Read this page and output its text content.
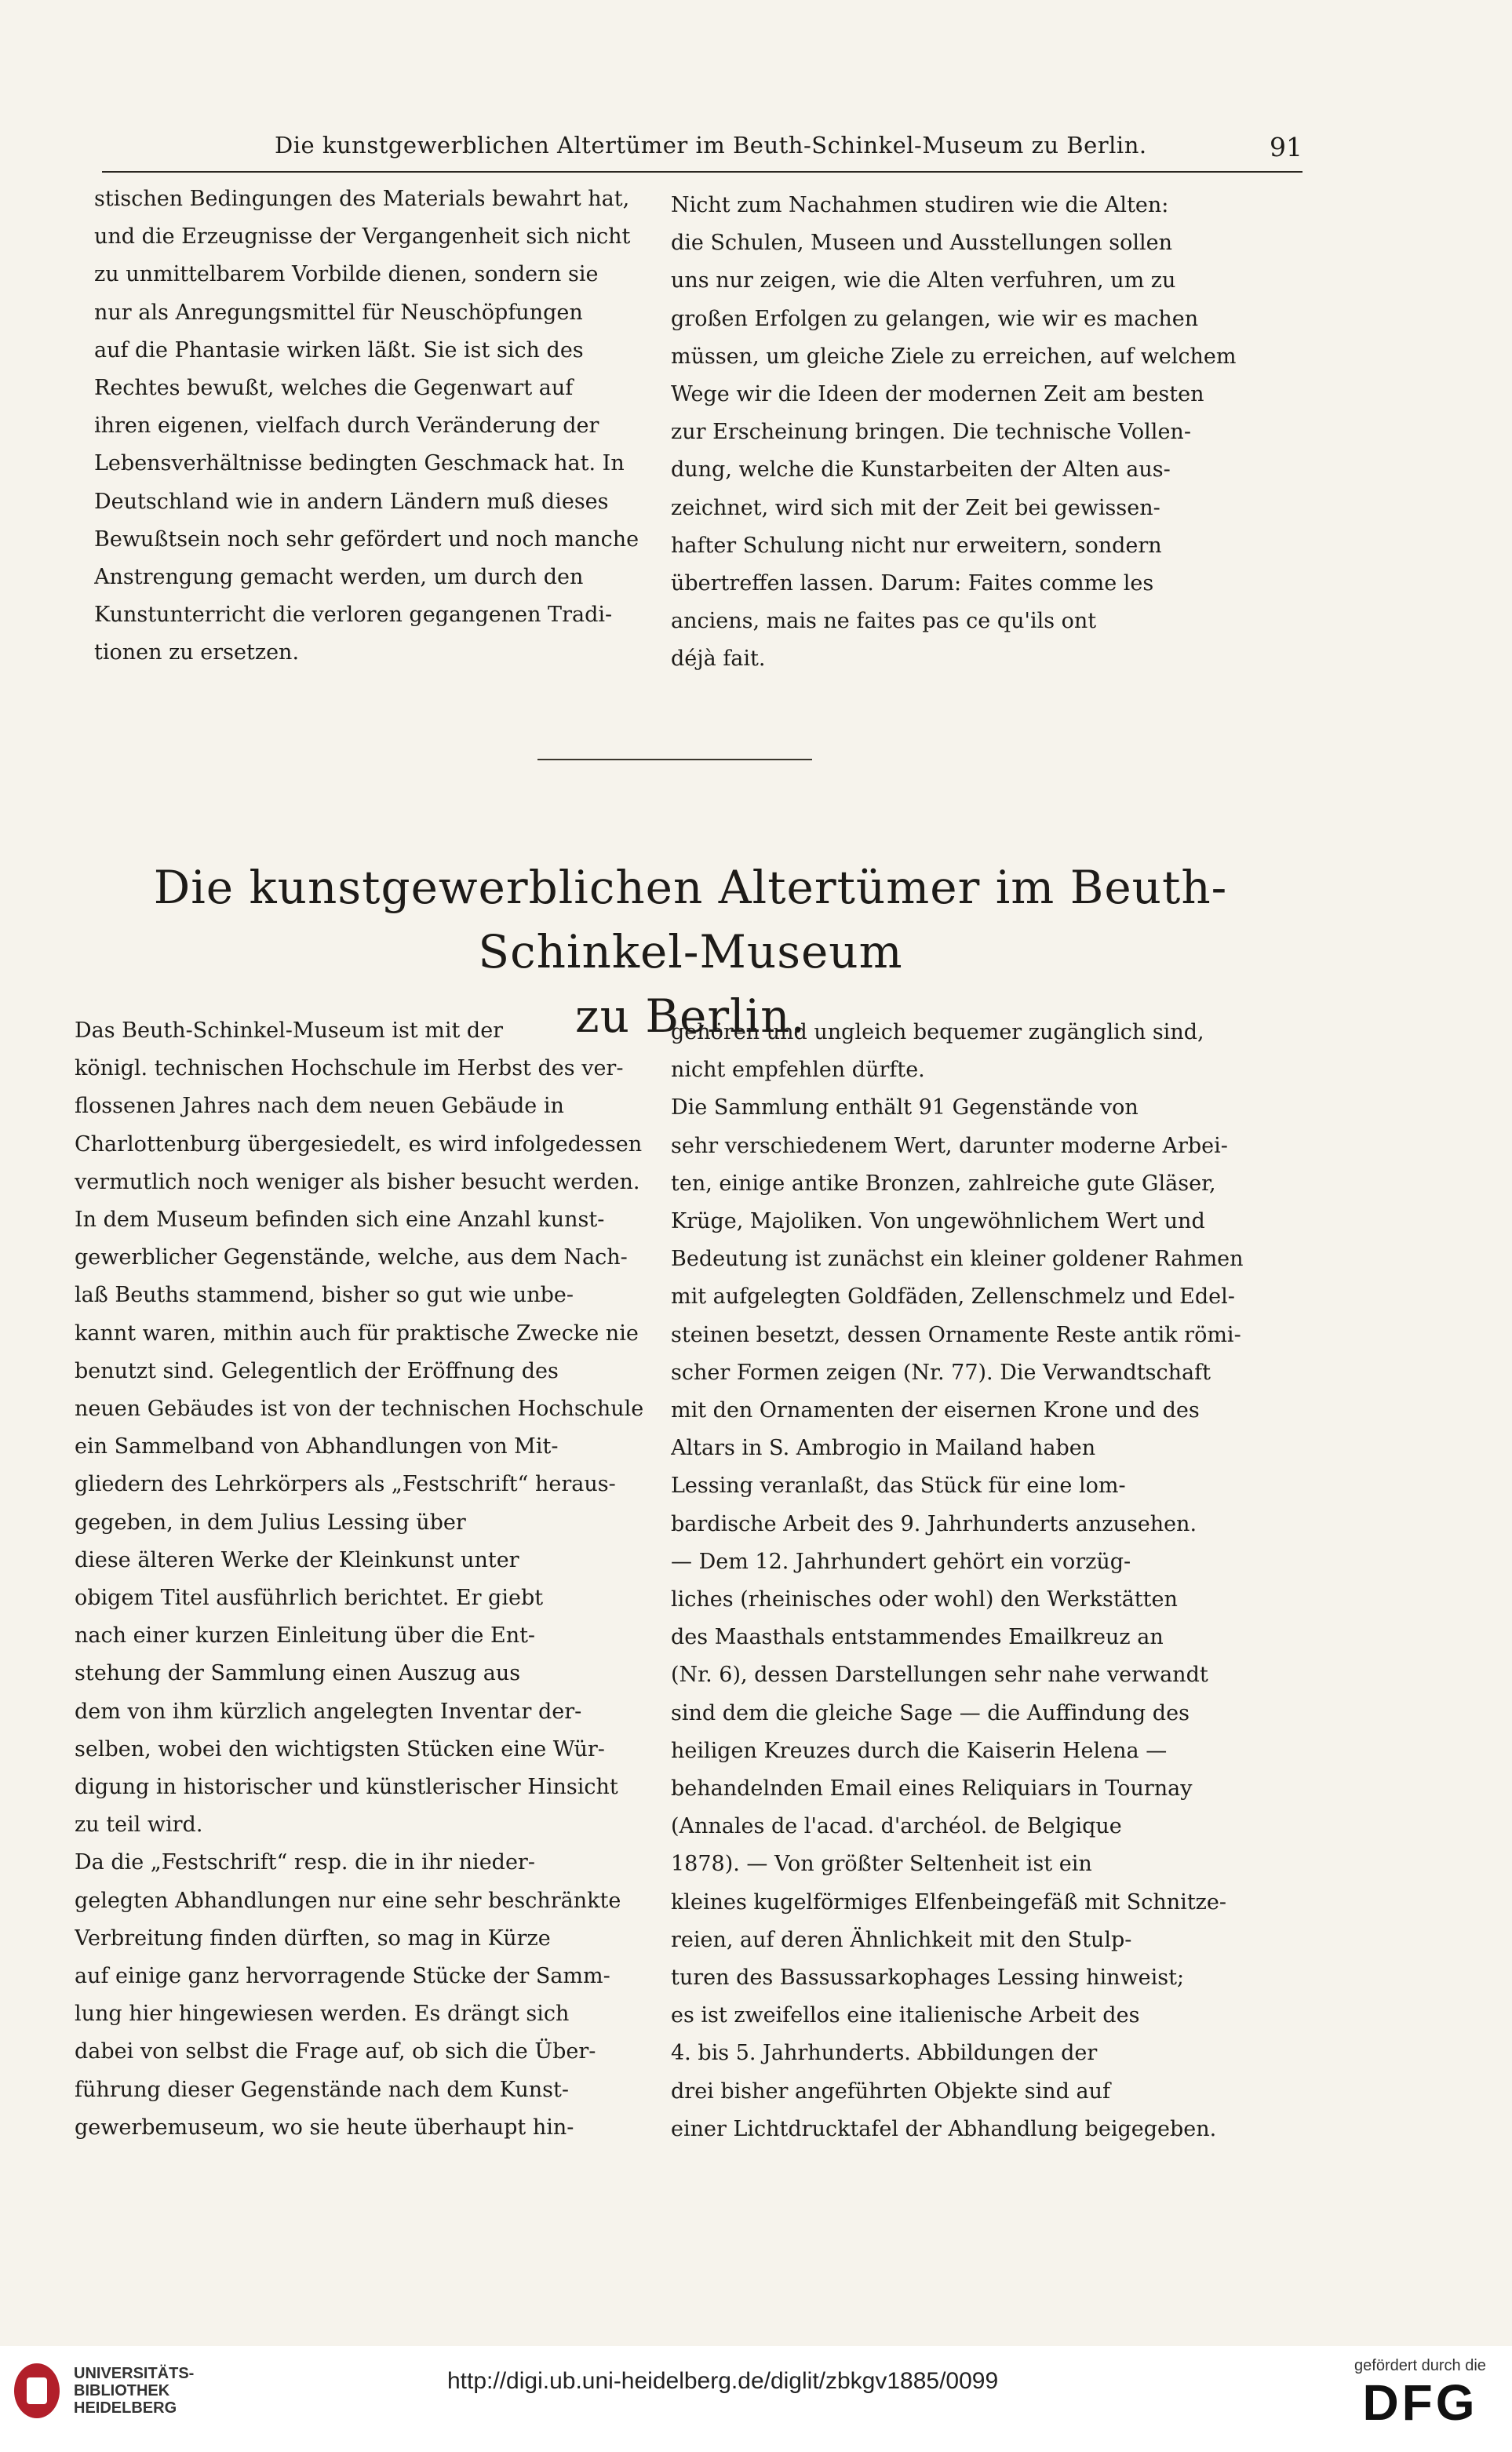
Die kunstgewerblichen Altertümer im Beuth-Schinkel-Museum zu Berlin.	91
stischen Bedingungen des Materials bewahrt hat,
und die Erzeugnisse der Vergangenheit sich nicht
zu unmittelbarem Vorbilde dienen, sondern sie
nur als Anregungsmittel für Neuschöpfungen
auf die Phantasie wirken läßt. Sie ist sich des
Rechtes bewußt, welches die Gegenwart auf
ihren eigenen, vielfach durch Veränderung der
Lebensverhältnisse bedingten Geschmack hat. In
Deutschland wie in andern Ländern muß dieses
Bewußtsein noch sehr gefördert und noch manche
Anstrengung gemacht werden, um durch den
Kunstunterricht die verloren gegangenen Tradi-
tionen zu ersetzen.
Nicht zum Nachahmen studiren wie die Alten:
die Schulen, Museen und Ausstellungen sollen
uns nur zeigen, wie die Alten verfuhren, um zu
großen Erfolgen zu gelangen, wie wir es machen
müssen, um gleiche Ziele zu erreichen, auf welchem
Wege wir die Ideen der modernen Zeit am besten
zur Erscheinung bringen. Die technische Vollen-
dung, welche die Kunstarbeiten der Alten aus-
zeichnet, wird sich mit der Zeit bei gewissen-
hafter Schulung nicht nur erweitern, sondern
übertreffen lassen. Darum: Faites comme les
anciens, mais ne faites pas ce qu'ils ont
déjà fait.
Die kunstgewerblichen Altertümer im Beuth-Schinkel-Museum
zu Berlin.
Das Beuth-Schinkel-Museum ist mit der
königl. technischen Hochschule im Herbst des ver-
flossenen Jahres nach dem neuen Gebäude in
Charlottenburg übergesiedelt, es wird infolgedessen
vermutlich noch weniger als bisher besucht werden.
In dem Museum befinden sich eine Anzahl kunst-
gewerblicher Gegenstände, welche, aus dem Nach-
laß Beuths stammend, bisher so gut wie unbe-
kannt waren, mithin auch für praktische Zwecke nie
benutzt sind. Gelegentlich der Eröffnung des
neuen Gebäudes ist von der technischen Hochschule
ein Sammelband von Abhandlungen von Mit-
gliedern des Lehrkörpers als „Festschrift“ heraus-
gegeben, in dem Julius Lessing über
diese älteren Werke der Kleinkunst unter
obigem Titel ausführlich berichtet. Er giebt
nach einer kurzen Einleitung über die Ent-
stehung der Sammlung einen Auszug aus
dem von ihm kürzlich angelegten Inventar der-
selben, wobei den wichtigsten Stücken eine Wür-
digung in historischer und künstlerischer Hinsicht
zu teil wird.
Da die „Festschrift“ resp. die in ihr nieder-
gelegten Abhandlungen nur eine sehr beschränkte
Verbreitung finden dürften, so mag in Kürze
auf einige ganz hervorragende Stücke der Samm-
lung hier hingewiesen werden. Es drängt sich
dabei von selbst die Frage auf, ob sich die Über-
führung dieser Gegenstände nach dem Kunst-
gewerbemuseum, wo sie heute überhaupt hin-
gehören und ungleich bequemer zugänglich sind,
nicht empfehlen dürfte.
Die Sammlung enthält 91 Gegenstände von
sehr verschiedenem Wert, darunter moderne Arbei-
ten, einige antike Bronzen, zahlreiche gute Gläser,
Krüge, Majoliken. Von ungewöhnlichem Wert und
Bedeutung ist zunächst ein kleiner goldener Rahmen
mit aufgelegten Goldfäden, Zellenschmelz und Edel-
steinen besetzt, dessen Ornamente Reste antik römi-
scher Formen zeigen (Nr. 77). Die Verwandtschaft
mit den Ornamenten der eisernen Krone und des
Altars in S. Ambrogio in Mailand haben
Lessing veranlaßt, das Stück für eine lom-
bardische Arbeit des 9. Jahrhunderts anzusehen.
— Dem 12. Jahrhundert gehört ein vorzüg-
liches (rheinisches oder wohl) den Werkstätten
des Maasthals entstammendes Emailkreuz an
(Nr. 6), dessen Darstellungen sehr nahe verwandt
sind dem die gleiche Sage — die Auffindung des
heiligen Kreuzes durch die Kaiserin Helena —
behandelnden Email eines Reliquiars in Tournay
(Annales de l'acad. d'archéol. de Belgique
1878). — Von größter Seltenheit ist ein
kleines kugelförmiges Elfenbeingefäß mit Schnitze-
reien, auf deren Ähnlichkeit mit den Stulp-
turen des Bassussarkophages Lessing hinweist;
es ist zweifellos eine italienische Arbeit des
4. bis 5. Jahrhunderts. Abbildungen der
drei bisher angeführten Objekte sind auf
einer Lichtdrucktafel der Abhandlung beigegeben.
UNIVERSITÄTS-
BIBLIOTHEK
HEIDELBERG
http://digi.ub.uni-heidelberg.de/diglit/zbkgv1885/0099
gefördert durch die
DFG
